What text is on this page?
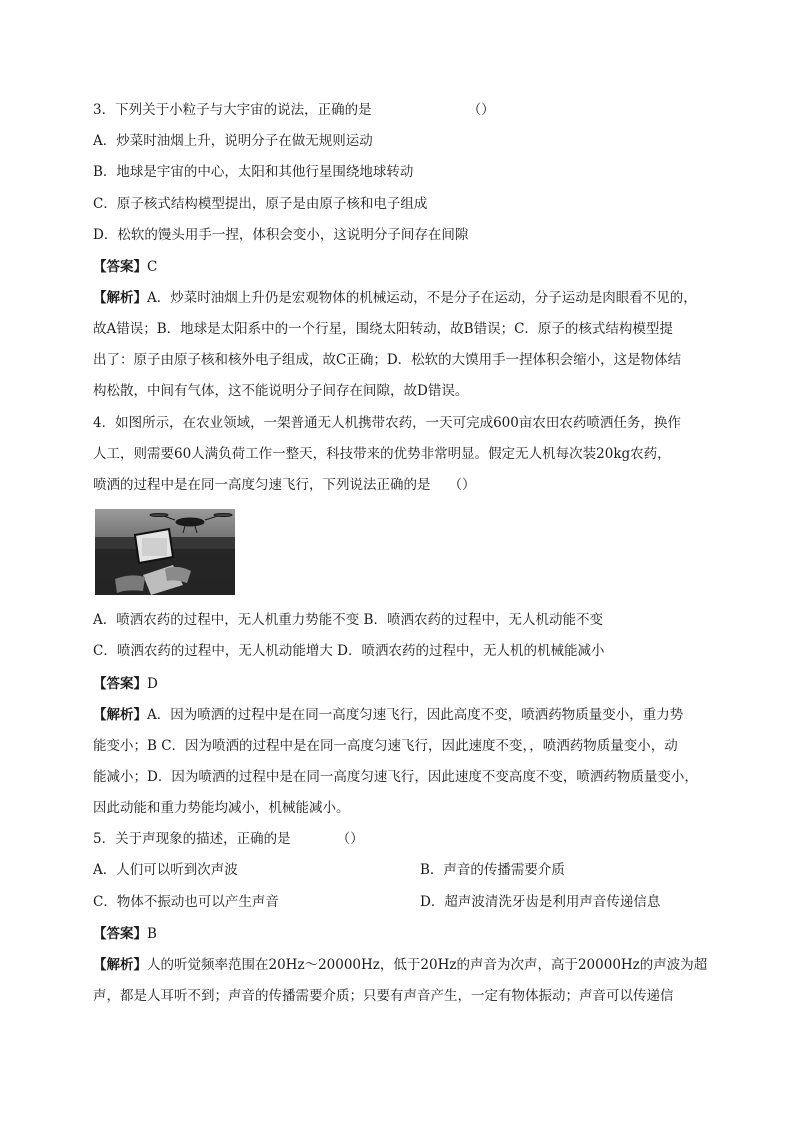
3．下列关于小粒子与大宇宙的说法，正确的是	（）
A．炒菜时油烟上升，说明分子在做无规则运动
B．地球是宇宙的中心，太阳和其他行星围绕地球转动
C．原子核式结构模型提出，原子是由原子核和电子组成
D．松软的馒头用手一捏，体积会变小，这说明分子间存在间隙
【答案】C
【解析】A．炒菜时油烟上升仍是宏观物体的机械运动，不是分子在运动，分子运动是肉眼看不见的，
故A错误；B．地球是太阳系中的一个行星，围绕太阳转动，故B错误；C．原子的核式结构模型提
出了：原子由原子核和核外电子组成，故C正确；D．松软的大馍用手一捏体积会缩小，这是物体结
构松散，中间有气体，这不能说明分子间存在间隙，故D错误。
4．如图所示，在农业领域，一架普通无人机携带农药，一天可完成600亩农田农药喷洒任务，换作
人工，则需要60人满负荷工作一整天，科技带来的优势非常明显。假定无人机每次装20kg农药，
喷洒的过程中是在同一高度匀速飞行，下列说法正确的是 （）
A．喷洒农药的过程中，无人机重力势能不变 B．喷洒农药的过程中，无人机动能不变
C．喷洒农药的过程中，无人机动能增大 D．喷洒农药的过程中，无人机的机械能减小
【答案】D
【解析】A．因为喷洒的过程中是在同一高度匀速飞行，因此高度不变，喷洒药物质量变小，重力势
能变小；B C．因为喷洒的过程中是在同一高度匀速飞行，因此速度不变，，喷洒药物质量变小，动
能减小；D．因为喷洒的过程中是在同一高度匀速飞行，因此速度不变高度不变，喷洒药物质量变小，
因此动能和重力势能均减小，机械能减小。
5．关于声现象的描述，正确的是	（）
A．人们可以听到次声波	B．声音的传播需要介质
C．物体不振动也可以产生声音	D．超声波清洗牙齿是利用声音传递信息
【答案】B
【解析】人的听觉频率范围在20Hz～20000Hz，低于20Hz的声音为次声，高于20000Hz的声波为超
声，都是人耳听不到；声音的传播需要介质；只要有声音产生，一定有物体振动；声音可以传递信
